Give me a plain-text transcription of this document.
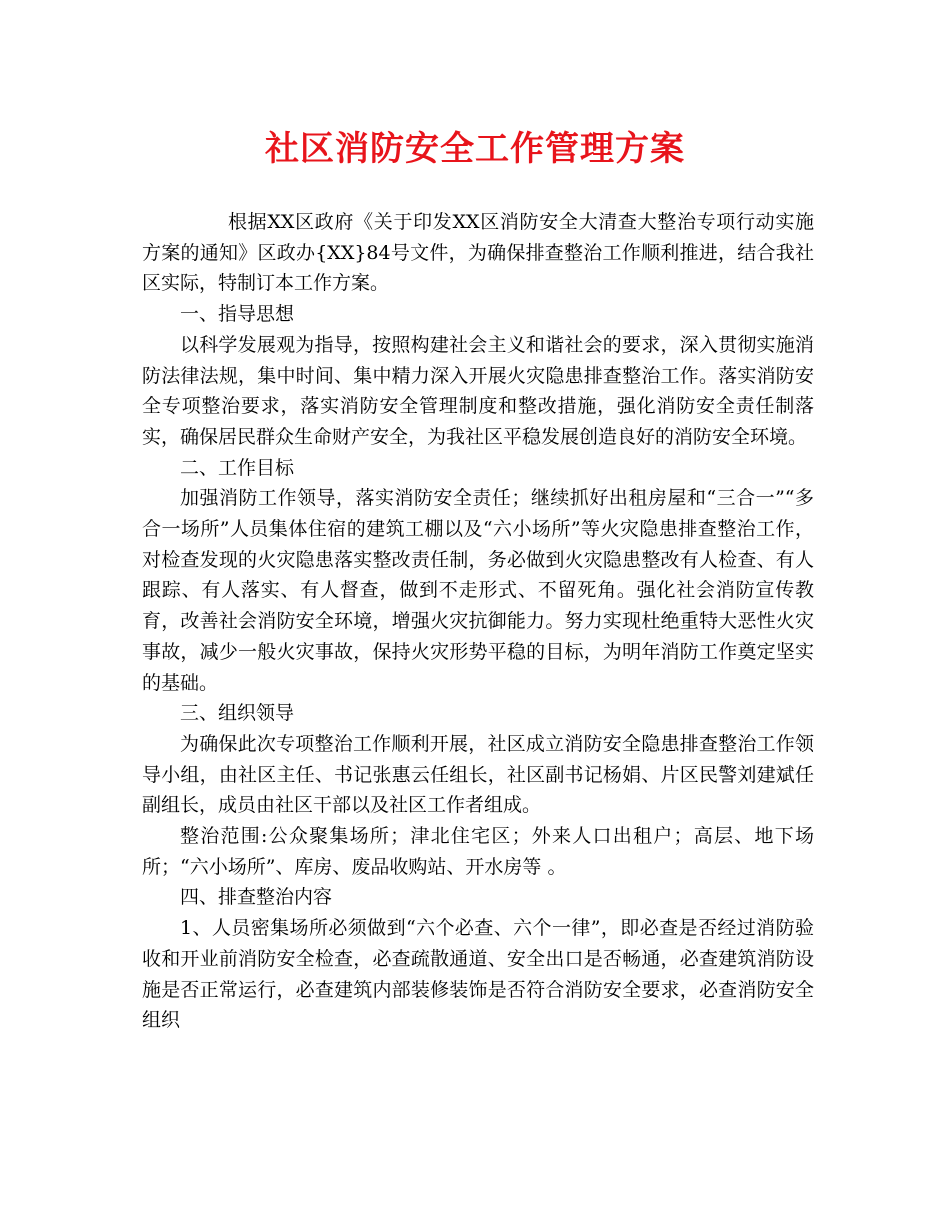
社区消防安全工作管理方案

根据XX区政府《关于印发XX区消防安全大清查大整治专项行动实施方案的通知》区政办{XX}84号文件，为确保排查整治工作顺利推进，结合我社区实际，特制订本工作方案。

一、指导思想

以科学发展观为指导，按照构建社会主义和谐社会的要求，深入贯彻实施消防法律法规，集中时间、集中精力深入开展火灾隐患排查整治工作。落实消防安全专项整治要求，落实消防安全管理制度和整改措施，强化消防安全责任制落实，确保居民群众生命财产安全，为我社区平稳发展创造良好的消防安全环境。

二、工作目标

加强消防工作领导，落实消防安全责任；继续抓好出租房屋和“三合一”“多合一场所”人员集体住宿的建筑工棚以及“六小场所”等火灾隐患排查整治工作，对检查发现的火灾隐患落实整改责任制，务必做到火灾隐患整改有人检查、有人跟踪、有人落实、有人督查，做到不走形式、不留死角。强化社会消防宣传教育，改善社会消防安全环境，增强火灾抗御能力。努力实现杜绝重特大恶性火灾事故，减少一般火灾事故，保持火灾形势平稳的目标，为明年消防工作奠定坚实的基础。

三、组织领导

为确保此次专项整治工作顺利开展，社区成立消防安全隐患排查整治工作领导小组，由社区主任、书记张惠云任组长，社区副书记杨娟、片区民警刘建斌任副组长，成员由社区干部以及社区工作者组成。

整治范围:公众聚集场所；津北住宅区；外来人口出租户；高层、地下场所；“六小场所”、库房、废品收购站、开水房等 。

四、排查整治内容

1、人员密集场所必须做到“六个必查、六个一律”，即必查是否经过消防验收和开业前消防安全检查，必查疏散通道、安全出口是否畅通，必查建筑消防设施是否正常运行，必查建筑内部装修装饰是否符合消防安全要求，必查消防安全组织
